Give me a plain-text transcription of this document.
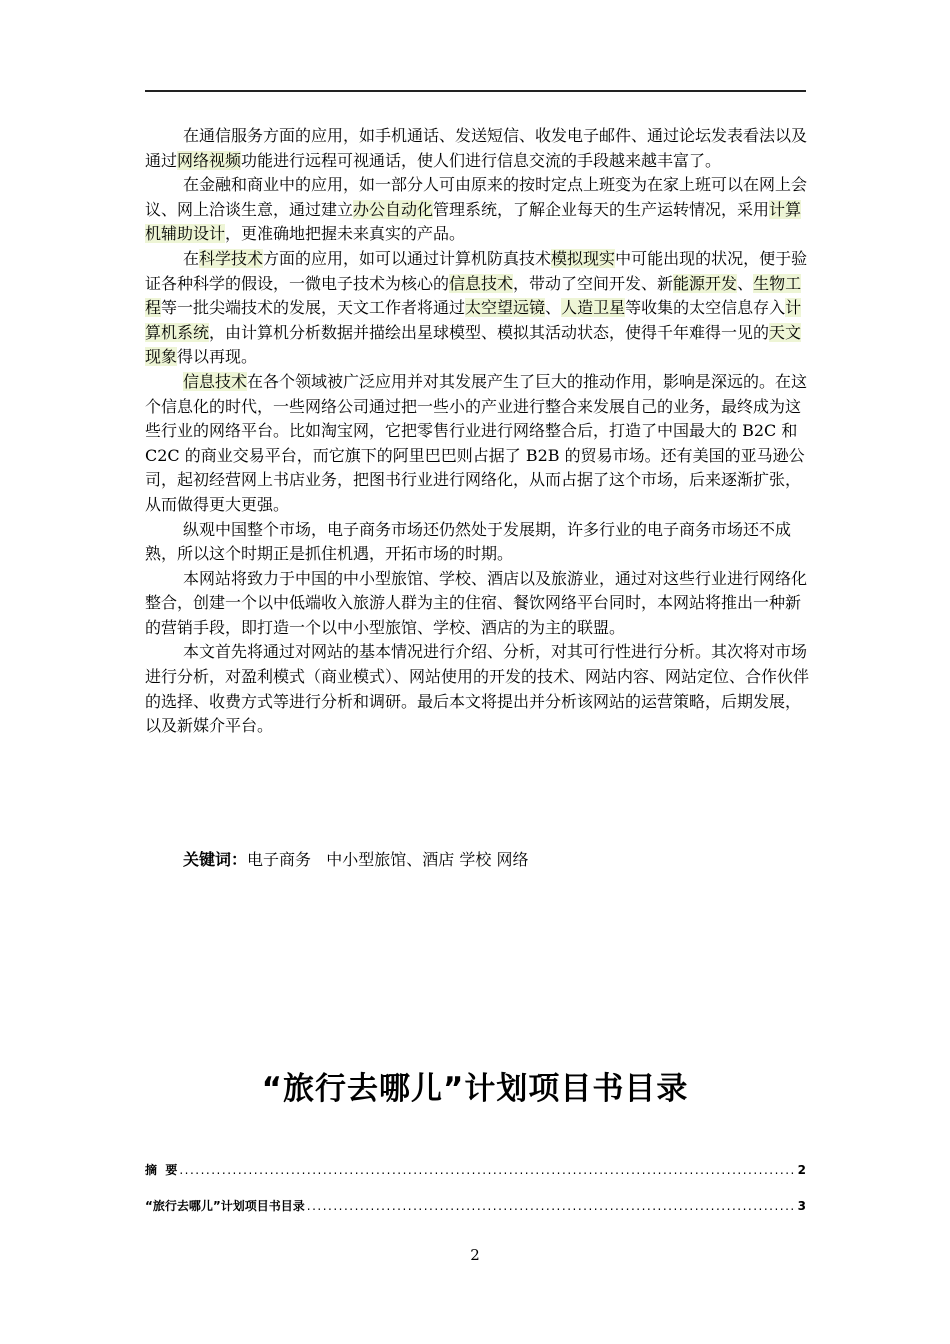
在通信服务方面的应用，如手机通话、发送短信、收发电子邮件、通过论坛发表看法以及通过网络视频功能进行远程可视通话，使人们进行信息交流的手段越来越丰富了。

在金融和商业中的应用，如一部分人可由原来的按时定点上班变为在家上班可以在网上会议、网上洽谈生意，通过建立办公自动化管理系统，了解企业每天的生产运转情况，采用计算机辅助设计，更准确地把握未来真实的产品。

在科学技术方面的应用，如可以通过计算机防真技术模拟现实中可能出现的状况，便于验证各种科学的假设，一微电子技术为核心的信息技术，带动了空间开发、新能源开发、生物工程等一批尖端技术的发展，天文工作者将通过太空望远镜、人造卫星等收集的太空信息存入计算机系统，由计算机分析数据并描绘出星球模型、模拟其活动状态，使得千年难得一见的天文现象得以再现。

信息技术在各个领域被广泛应用并对其发展产生了巨大的推动作用，影响是深远的。在这个信息化的时代，一些网络公司通过把一些小的产业进行整合来发展自己的业务，最终成为这些行业的网络平台。比如淘宝网，它把零售行业进行网络整合后，打造了中国最大的 B2C 和 C2C 的商业交易平台，而它旗下的阿里巴巴则占据了 B2B 的贸易市场。还有美国的亚马逊公司，起初经营网上书店业务，把图书行业进行网络化，从而占据了这个市场，后来逐渐扩张，从而做得更大更强。

纵观中国整个市场，电子商务市场还仍然处于发展期，许多行业的电子商务市场还不成熟，所以这个时期正是抓住机遇，开拓市场的时期。

本网站将致力于中国的中小型旅馆、学校、酒店以及旅游业，通过对这些行业进行网络化整合，创建一个以中低端收入旅游人群为主的住宿、餐饮网络平台同时，本网站将推出一种新的营销手段，即打造一个以中小型旅馆、学校、酒店的为主的联盟。

本文首先将通过对网站的基本情况进行介绍、分析，对其可行性进行分析。其次将对市场进行分析，对盈利模式（商业模式）、网站使用的开发的技术、网站内容、网站定位、合作伙伴的选择、收费方式等进行分析和调研。最后本文将提出并分析该网站的运营策略，后期发展，以及新媒介平台。

关键词：电子商务   中小型旅馆、酒店 学校 网络
“旅行去哪儿”计划项目书目录
摘  要 .....	2
“旅行去哪儿”计划项目书目录 .....	3
2
